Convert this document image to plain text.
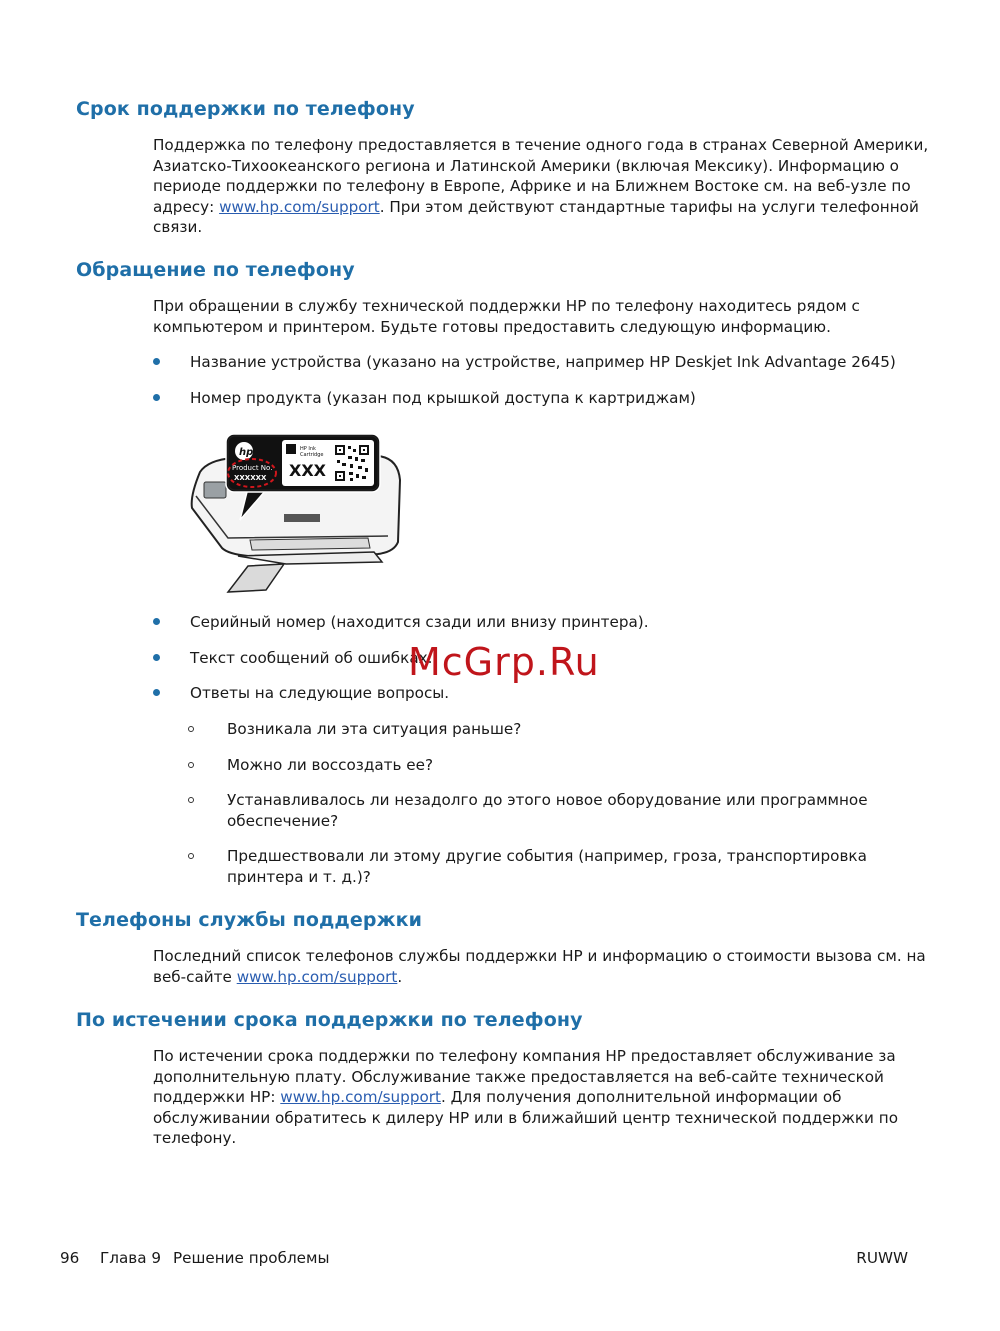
Срок поддержки по телефону
Поддержка по телефону предоставляется в течение одного года в странах Северной Америки,
Азиатско-Тихоокеанского региона и Латинской Америки (включая Мексику). Информацию о
периоде поддержки по телефону в Европе, Африке и на Ближнем Востоке см. на веб-узле по
адресу: www.hp.com/support. При этом действуют стандартные тарифы на услуги телефонной
связи.
Обращение по телефону
При обращении в службу технической поддержки HP по телефону находитесь рядом с
компьютером и принтером. Будьте готовы предоставить следующую информацию.
Название устройства (указано на устройстве, например HP Deskjet Ink Advantage 2645)
Номер продукта (указан под крышкой доступа к картриджам)
hp
Product No.
XXXXXX
HP Ink
Cartridge
XXX
Серийный номер (находится сзади или внизу принтера).
Текст сообщений об ошибках.
Ответы на следующие вопросы.
Возникала ли эта ситуация раньше?
Можно ли воссоздать ее?
Устанавливалось ли незадолго до этого новое оборудование или программное
обеспечение?
Предшествовали ли этому другие события (например, гроза, транспортировка
принтера и т. д.)?
Телефоны службы поддержки
Последний список телефонов службы поддержки HP и информацию о стоимости вызова см. на
веб-сайте www.hp.com/support.
По истечении срока поддержки по телефону
По истечении срока поддержки по телефону компания HP предоставляет обслуживание за
дополнительную плату. Обслуживание также предоставляется на веб-сайте технической
поддержки HP: www.hp.com/support. Для получения дополнительной информации об
обслуживании обратитесь к дилеру HP или в ближайший центр технической поддержки по
телефону.
McGrp.Ru
96 Глава 9 Решение проблемы	RUWW
